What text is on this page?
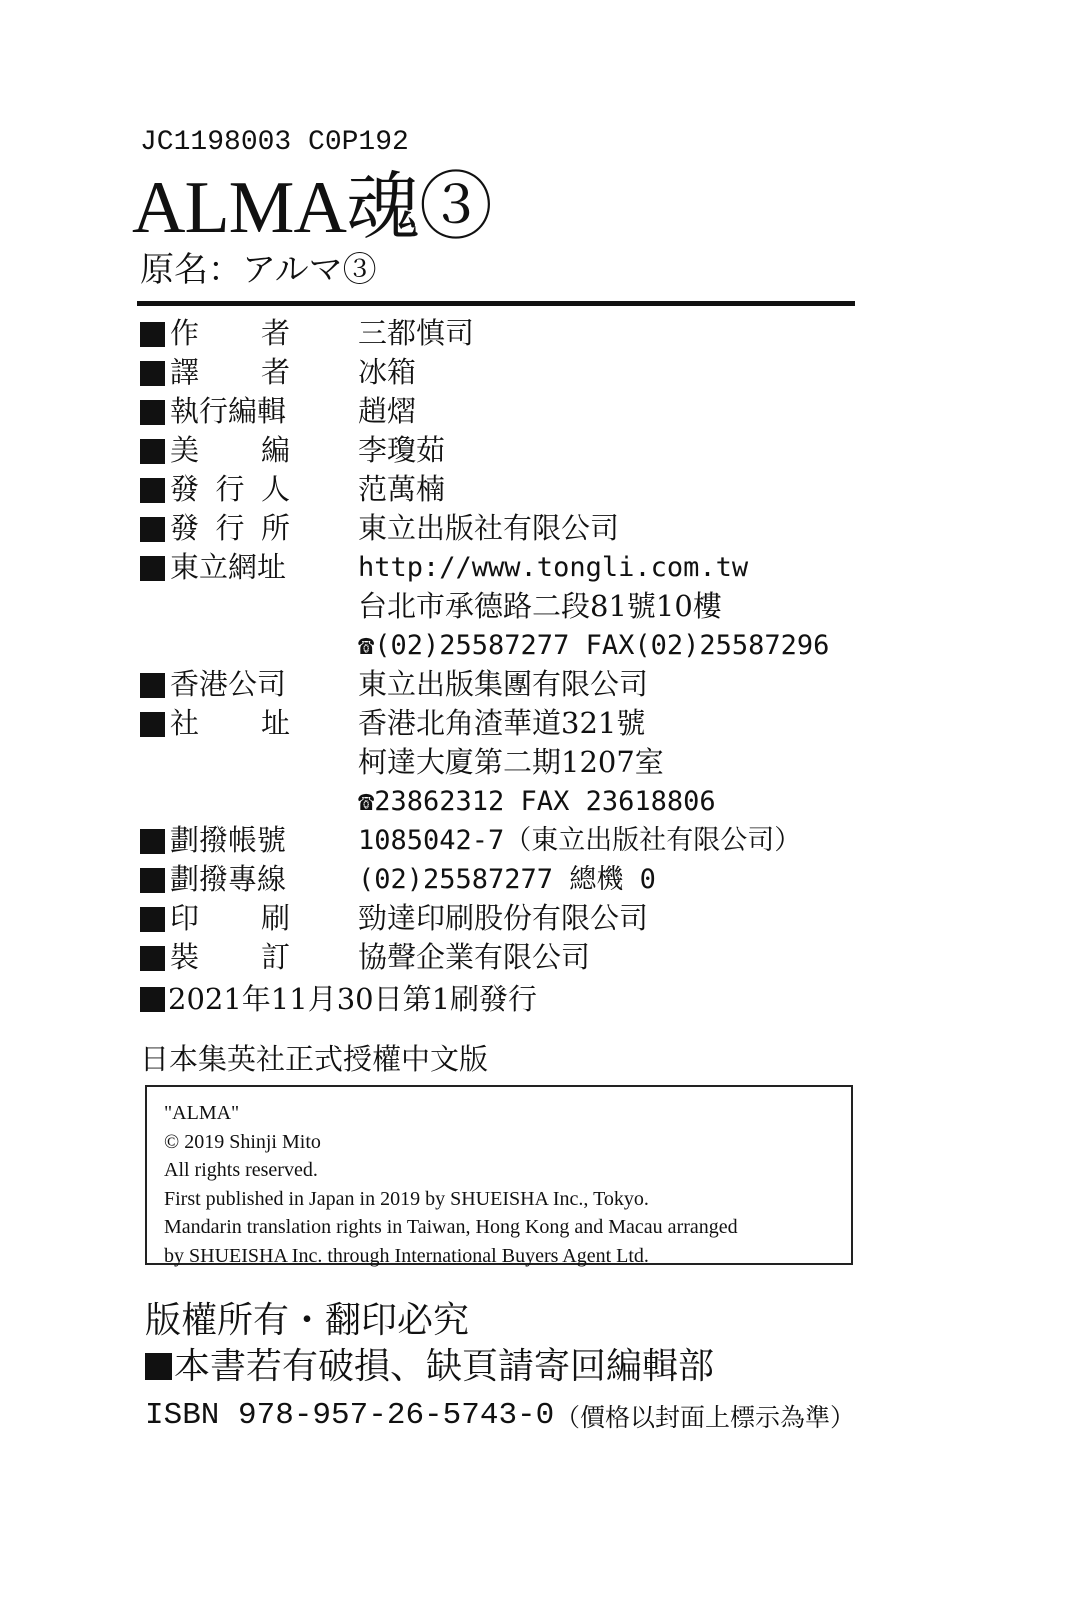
JC1198003 C0P192
ALMA魂③
原名：アルマ③
作 者 三都慎司
譯 者 冰箱
執行編輯 趙熠
美 編 李瓊茹
發 行 人 范萬楠
發 行 所 東立出版社有限公司
東立網址	http://www.tongli.com.tw
台北市承德路二段81號10樓
☎(02)25587277 FAX(02)25587296
香港公司 東立出版集團有限公司
社 址 香港北角渣華道321號
柯達大廈第二期1207室
☎23862312 FAX 23618806
劃撥帳號	1085042-7（東立出版社有限公司）
劃撥專線	(02)25587277 總機 0
印 刷 勁達印刷股份有限公司
裝 訂 協聲企業有限公司
2021年11月30日第1刷發行
日本集英社正式授權中文版
"ALMA"
© 2019 Shinji Mito
All rights reserved.
First published in Japan in 2019 by SHUEISHA Inc., Tokyo.
Mandarin translation rights in Taiwan, Hong Kong and Macau arranged
by SHUEISHA Inc. through International Buyers Agent Ltd.
版權所有・翻印必究
本書若有破損、缺頁請寄回編輯部
ISBN 978-957-26-5743-0 （價格以封面上標示為準）
